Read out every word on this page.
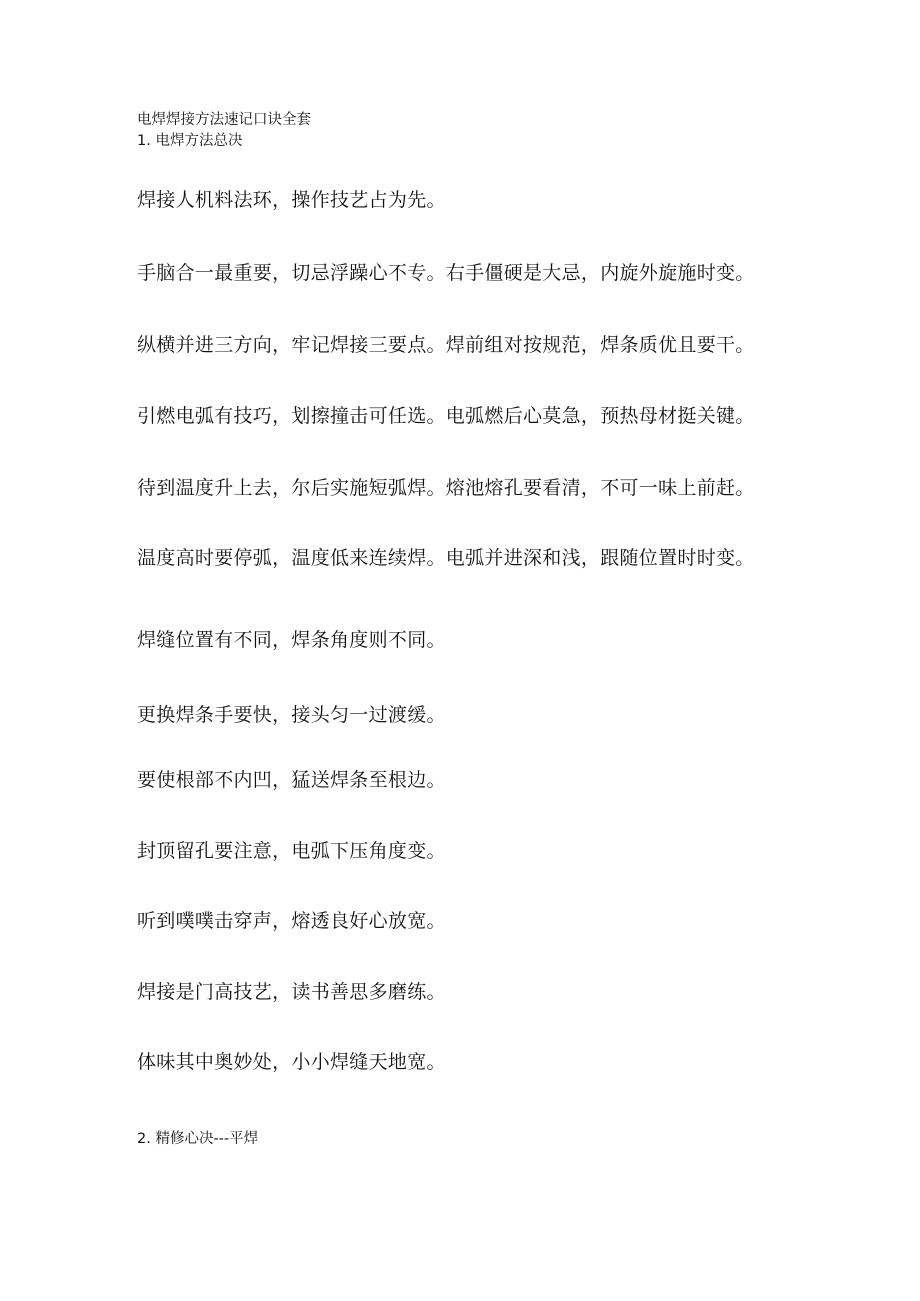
电焊焊接方法速记口诀全套
1. 电焊方法总决
焊接人机料法环，操作技艺占为先。
手脑合一最重要，切忌浮躁心不专。右手僵硬是大忌，内旋外旋施时变。
纵横并进三方向，牢记焊接三要点。焊前组对按规范，焊条质优且要干。
引燃电弧有技巧，划擦撞击可任选。电弧燃后心莫急，预热母材挺关键。
待到温度升上去，尔后实施短弧焊。熔池熔孔要看清，不可一味上前赶。
温度高时要停弧，温度低来连续焊。电弧并进深和浅，跟随位置时时变。
焊缝位置有不同，焊条角度则不同。
更换焊条手要快，接头匀一过渡缓。
要使根部不内凹，猛送焊条至根边。
封顶留孔要注意，电弧下压角度变。
听到噗噗击穿声，熔透良好心放宽。
焊接是门高技艺，读书善思多磨练。
体味其中奥妙处，小小焊缝天地宽。
2. 精修心决---平焊
